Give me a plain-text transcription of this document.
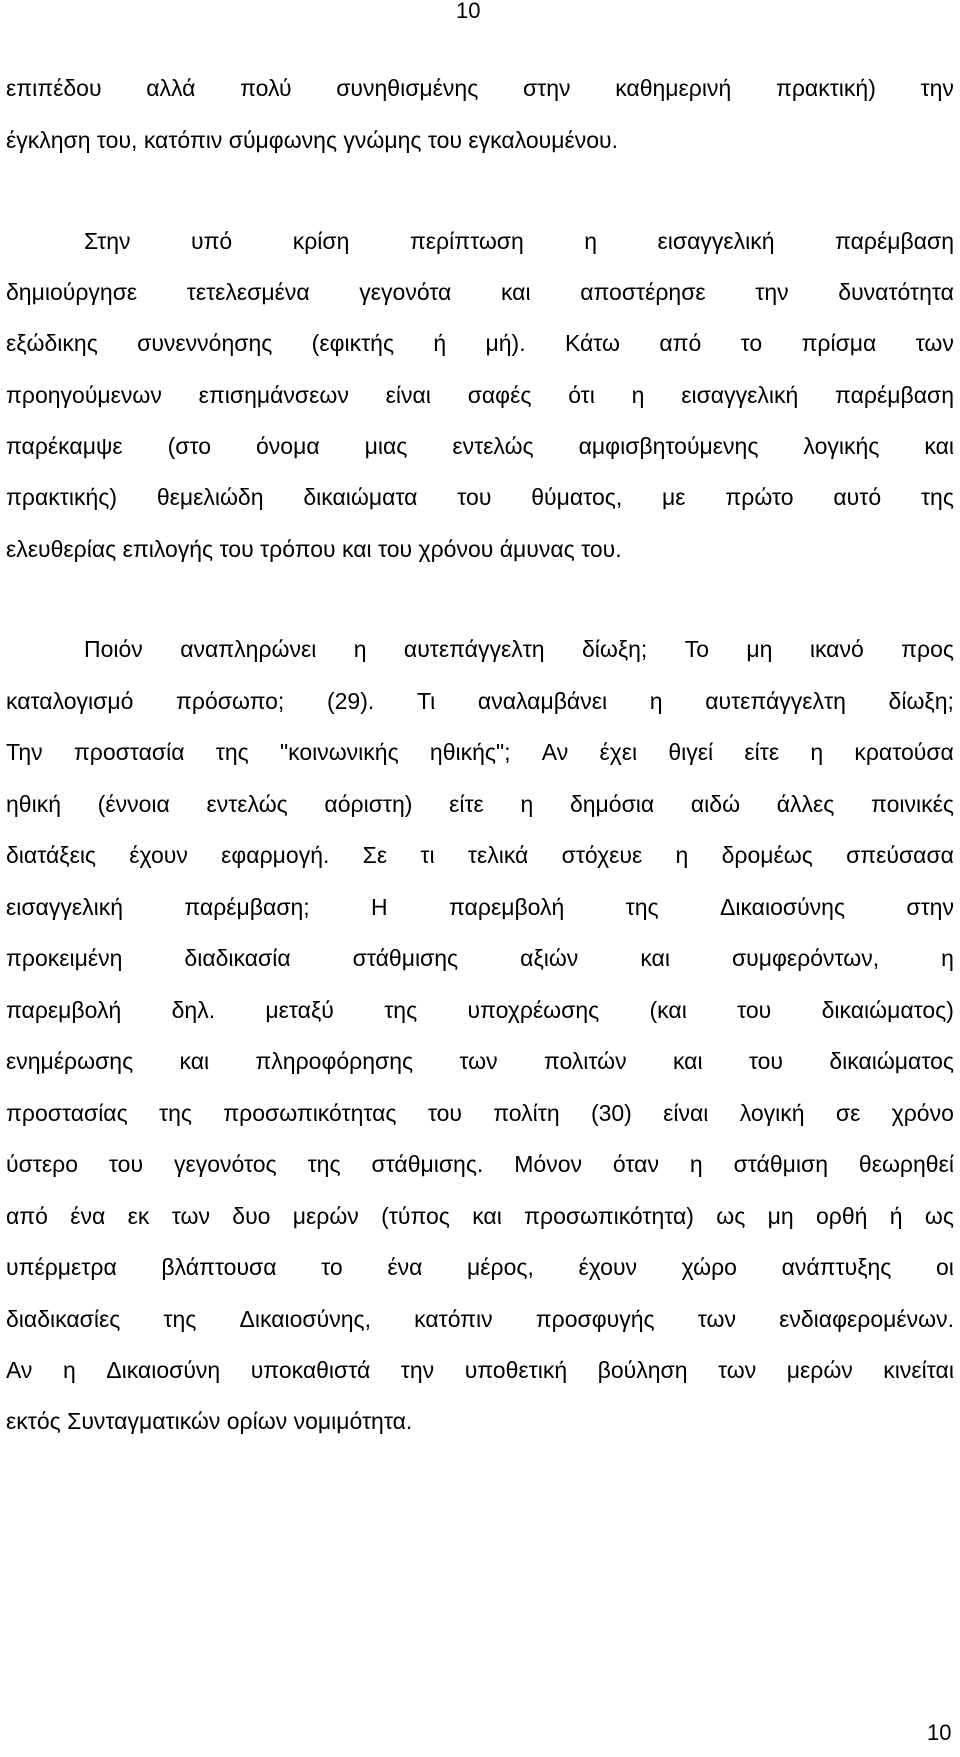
10
επιπέδου αλλά πολύ συνηθισμένης στην καθημερινή πρακτική) την
έγκληση του, κατόπιν σύμφωνης γνώμης του εγκαλουμένου.
Στην	υπό	κρίση	περίπτωση	η	εισαγγελική	παρέμβαση
δημιούργησε τετελεσμένα γεγονότα και αποστέρησε την δυνατότητα
εξώδικης συνεννόησης (εφικτής ή μή). Κάτω από το πρίσμα των
προηγούμενων επισημάνσεων είναι σαφές ότι η εισαγγελική παρέμβαση
παρέκαμψε (στο όνομα μιας εντελώς αμφισβητούμενης λογικής και
πρακτικής) θεμελιώδη δικαιώματα του θύματος, με πρώτο αυτό της
ελευθερίας επιλογής του τρόπου και του χρόνου άμυνας του.
Ποιόν αναπληρώνει η αυτεπάγγελτη δίωξη; Το μη ικανό προς
καταλογισμό πρόσωπο; (29). Τι αναλαμβάνει η αυτεπάγγελτη δίωξη;
Την προστασία της "κοινωνικής ηθικής"; Αν έχει θιγεί είτε η κρατούσα
ηθική (έννοια εντελώς αόριστη) είτε η δημόσια αιδώ άλλες ποινικές
διατάξεις έχουν εφαρμογή. Σε τι τελικά στόχευε η δρομέως σπεύσασα
εισαγγελική	παρέμβαση;	Η	παρεμβολή	της	Δικαιοσύνης	στην
προκειμένη	διαδικασία	στάθμισης	αξιών	και	συμφερόντων,	η
παρεμβολή δηλ. μεταξύ της υποχρέωσης (και του δικαιώματος)
ενημέρωσης και πληροφόρησης των πολιτών και του δικαιώματος
προστασίας της προσωπικότητας του πολίτη (30) είναι λογική σε χρόνο
ύστερο του γεγονότος της στάθμισης. Μόνον όταν η στάθμιση θεωρηθεί
από ένα εκ των δυο μερών (τύπος και προσωπικότητα) ως μη ορθή ή ως
υπέρμετρα βλάπτουσα το ένα μέρος, έχουν χώρο ανάπτυξης οι
διαδικασίες της Δικαιοσύνης, κατόπιν προσφυγής των ενδιαφερομένων.
Αν η Δικαιοσύνη υποκαθιστά την υποθετική βούληση των μερών κινείται
εκτός Συνταγματικών ορίων νομιμότητα.
10
